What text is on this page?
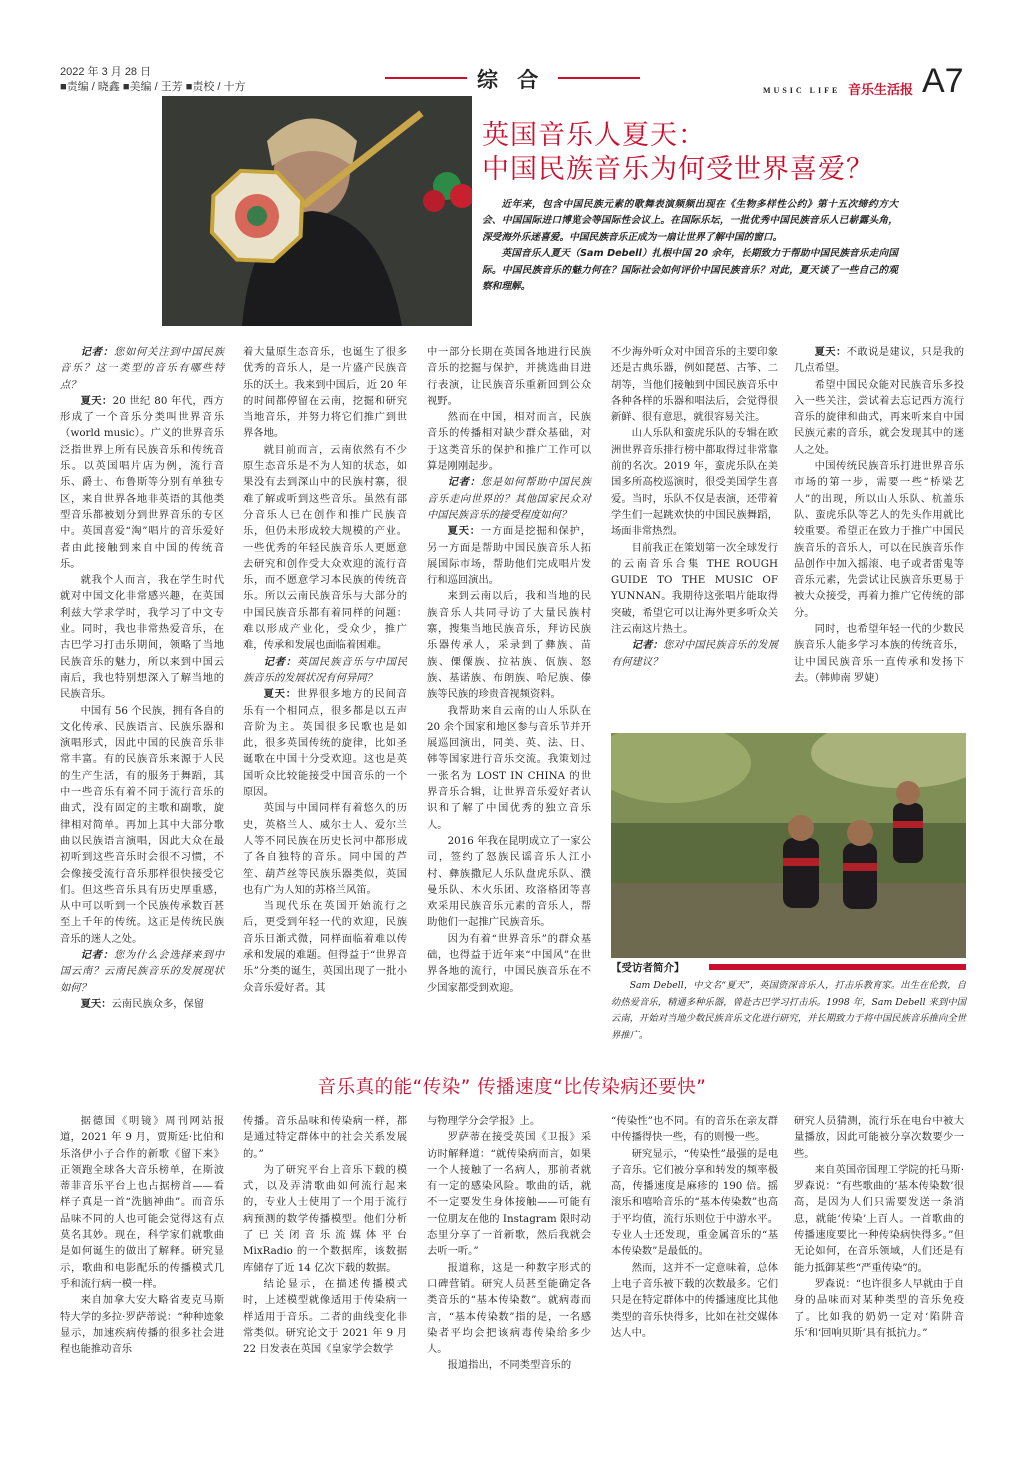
2022 年 3 月 28 日
■责编 / 晓鑫 ■美编 / 王芳 ■责校 / 十方	综 合	MUSIC LIFE 音乐生活报 A7
英国音乐人夏天：
中国民族音乐为何受世界喜爱？

近年来，包含中国民族元素的歌舞表演频频出现在《生物多样性公约》第十五次缔约方大会、中国国际进口博览会等国际性会议上。在国际乐坛，一批优秀中国民族音乐人已崭露头角，深受海外乐迷喜爱。中国民族音乐正成为一扇让世界了解中国的窗口。

英国音乐人夏天（Sam Debell）扎根中国 20 余年，长期致力于帮助中国民族音乐走向国际。中国民族音乐的魅力何在？国际社会如何评价中国民族音乐？对此，夏天谈了一些自己的观察和理解。

记者：您如何关注到中国民族音乐？这一类型的音乐有哪些特点？

夏天：20 世纪 80 年代，西方形成了一个音乐分类叫世界音乐（world music）。广义的世界音乐泛指世界上所有民族音乐和传统音乐。以英国唱片店为例，流行音乐、爵士、布鲁斯等分别有单独专区，来自世界各地非英语的其他类型音乐都被划分到世界音乐的专区中。英国喜爱“淘”唱片的音乐爱好者由此接触到来自中国的传统音乐。

就我个人而言，我在学生时代就对中国文化非常感兴趣，在英国利兹大学求学时，我学习了中文专业。同时，我也非常热爱音乐，在古巴学习打击乐期间，领略了当地民族音乐的魅力，所以来到中国云南后，我也特别想深入了解当地的民族音乐。

中国有 56 个民族，拥有各自的文化传承、民族语言、民族乐器和演唱形式，因此中国的民族音乐非常丰富。有的民族音乐来源于人民的生产生活，有的服务于舞蹈，其中一些音乐有着不同于流行音乐的曲式，没有固定的主歌和副歌，旋律相对简单。再加上其中大部分歌曲以民族语言演唱，因此大众在最初听到这些音乐时会很不习惯，不会像接受流行音乐那样很快接受它们。但这些音乐具有历史厚重感，从中可以听到一个民族传承数百甚至上千年的传统。这正是传统民族音乐的迷人之处。

记者：您为什么会选择来到中国云南？云南民族音乐的发展现状如何？

夏天：云南民族众多，保留

着大量原生态音乐，也诞生了很多优秀的音乐人，是一片盛产民族音乐的沃土。我来到中国后，近 20 年的时间都停留在云南，挖掘和研究当地音乐，并努力将它们推广到世界各地。

就目前而言，云南依然有不少原生态音乐是不为人知的状态，如果没有去到深山中的民族村寨，很难了解或听到这些音乐。虽然有部分音乐人已在创作和推广民族音乐，但仍未形成较大规模的产业。一些优秀的年轻民族音乐人更愿意去研究和创作受大众欢迎的流行音乐，而不愿意学习本民族的传统音乐。所以云南民族音乐与大部分的中国民族音乐都有着同样的问题：难以形成产业化，受众少，推广难，传承和发展也面临着困难。

记者：英国民族音乐与中国民族音乐的发展状况有何异同？

夏天：世界很多地方的民间音乐有一个相同点，很多都是以五声音阶为主。英国很多民歌也是如此，很多英国传统的旋律，比如圣诞歌在中国十分受欢迎。这也是英国听众比较能接受中国音乐的一个原因。

英国与中国同样有着悠久的历史，英格兰人、威尔士人、爱尔兰人等不同民族在历史长河中都形成了各自独特的音乐。同中国的芦笙、葫芦丝等民族乐器类似，英国也有广为人知的苏格兰风笛。

当现代乐在英国开始流行之后，更受到年轻一代的欢迎，民族音乐日渐式微，同样面临着难以传承和发展的难题。但得益于“世界音乐”分类的诞生，英国出现了一批小众音乐爱好者。其

中一部分长期在英国各地进行民族音乐的挖掘与保护，并挑选曲目进行表演，让民族音乐重新回到公众视野。

然而在中国，相对而言，民族音乐的传播相对缺少群众基础，对于这类音乐的保护和推广工作可以算是刚刚起步。

记者：您是如何帮助中国民族音乐走向世界的？其他国家民众对中国民族音乐的接受程度如何？

夏天：一方面是挖掘和保护，另一方面是帮助中国民族音乐人拓展国际市场，帮助他们完成唱片发行和巡回演出。

来到云南以后，我和当地的民族音乐人共同寻访了大量民族村寨，搜集当地民族音乐，拜访民族乐器传承人，采录到了彝族、苗族、傈僳族、拉祜族、佤族、怒族、基诺族、布朗族、哈尼族、傣族等民族的珍贵音视频资料。

我帮助来自云南的山人乐队在 20 余个国家和地区参与音乐节并开展巡回演出，同美、英、法、日、韩等国家进行音乐交流。我策划过一张名为 LOST IN CHINA 的世界音乐合辑，让世界音乐爱好者认识和了解了中国优秀的独立音乐人。

2016 年我在昆明成立了一家公司，签约了怒族民谣音乐人江小村、彝族撒尼人乐队盘虎乐队、濮曼乐队、木火乐团、玫洛格团等喜欢采用民族音乐元素的音乐人，帮助他们一起推广民族音乐。

因为有着“世界音乐”的群众基础，也得益于近年来“中国风”在世界各地的流行，中国民族音乐在不少国家都受到欢迎。

不少海外听众对中国音乐的主要印象还是古典乐器，例如琵琶、古筝、二胡等，当他们接触到中国民族音乐中各种各样的乐器和唱法后，会觉得很新鲜、很有意思，就很容易关注。

山人乐队和蛮虎乐队的专辑在欧洲世界音乐排行榜中都取得过非常靠前的名次。2019 年，蛮虎乐队在美国多所高校巡演时，很受美国学生喜爱。当时，乐队不仅是表演，还带着学生们一起跳欢快的中国民族舞蹈，场面非常热烈。

目前我正在策划第一次全球发行的云南音乐合集 THE ROUGH GUIDE TO THE MUSIC OF YUNNAN。我期待这张唱片能取得突破，希望它可以让海外更多听众关注云南这片热土。

记者：您对中国民族音乐的发展有何建议？

夏天：不敢说是建议，只是我的几点希望。

希望中国民众能对民族音乐多投入一些关注，尝试着去忘记西方流行音乐的旋律和曲式，再来听来自中国民族元素的音乐，就会发现其中的迷人之处。

中国传统民族音乐打进世界音乐市场的第一步，需要一些“桥梁艺人”的出现，所以山人乐队、杭盖乐队、蛮虎乐队等艺人的先头作用就比较重要。希望正在致力于推广中国民族音乐的音乐人，可以在民族音乐作品创作中加入摇滚、电子或者雷鬼等音乐元素，先尝试让民族音乐更易于被大众接受，再着力推广它传统的部分。

同时，也希望年轻一代的少数民族音乐人能多学习本族的传统音乐，让中国民族音乐一直传承和发扬下去。（韩帅南 罗婕）

【受访者简介】

Sam Debell，中文名“夏天”，英国资深音乐人，打击乐教育家。出生在伦敦，自幼热爱音乐，精通多种乐器，曾赴古巴学习打击乐。1998 年，Sam Debell 来到中国云南，开始对当地少数民族音乐文化进行研究，并长期致力于将中国民族音乐推向全世界推广。

音乐真的能“传染” 传播速度“比传染病还要快”

据德国《明镜》周刊网站报道，2021 年 9 月，贾斯廷·比伯和乐洛伊小子合作的新歌《留下来》正领跑全球各大音乐榜单，在斯波蒂菲音乐平台上也占据榜首——看样子真是一首“洗脑神曲”。而音乐品味不同的人也可能会觉得这有点莫名其妙。现在，科学家们就歌曲是如何诞生的做出了解释。研究显示，歌曲和电影配乐的传播模式几乎和流行病一模一样。

来自加拿大安大略省麦克马斯特大学的多拉·罗萨蒂说：“种种迹象显示，加速疾病传播的很多社会进程也能推动音乐

传播。音乐品味和传染病一样，都是通过特定群体中的社会关系发展的。”

为了研究平台上音乐下载的模式，以及弄清歌曲如何流行起来的，专业人士使用了一个用于流行病预测的数学传播模型。他们分析了已关闭音乐流媒体平台 MixRadio 的一个数据库，该数据库储存了近 14 亿次下载的数据。

结论显示，在描述传播模式时，上述模型就像适用于传染病一样适用于音乐。二者的曲线变化非常类似。研究论文于 2021 年 9 月 22 日发表在英国《皇家学会数学

与物理学分会学报》上。

罗萨蒂在接受英国《卫报》采访时解释道：“就传染病而言，如果一个人接触了一名病人，那前者就有一定的感染风险。歌曲的话，就不一定要发生身体接触——可能有一位朋友在他的 Instagram 限时动态里分享了一首新歌，然后我就会去听一听。”

报道称，这是一种数字形式的口碑营销。研究人员甚至能确定各类音乐的“基本传染数”。就病毒而言，“基本传染数”指的是，一名感染者平均会把该病毒传染给多少人。

报道指出，不同类型音乐的

“传染性”也不同。有的音乐在亲友群中传播得快一些，有的则慢一些。

研究显示，“传染性”最强的是电子音乐。它们被分享和转发的频率极高，传播速度是麻疹的 190 倍。摇滚乐和嘻哈音乐的“基本传染数”也高于平均值，流行乐则位于中游水平。专业人士还发现，重金属音乐的“基本传染数”是最低的。

然而，这并不一定意味着，总体上电子音乐被下载的次数最多。它们只是在特定群体中的传播速度比其他类型的音乐快得多，比如在社交媒体达人中。

研究人员猜测，流行乐在电台中被大量播放，因此可能被分享次数要少一些。

来自英国帝国理工学院的托马斯·罗森说：“有些歌曲的‘基本传染数’很高，是因为人们只需要发送一条消息，就能‘传染’上百人。一首歌曲的传播速度要比一种传染病快得多。”但无论如何，在音乐领域，人们还是有能力抵御某些“严重传染”的。

罗森说：“也许很多人早就由于自身的品味而对某种类型的音乐免疫了。比如我的奶奶一定对‘陷阱音乐’和‘回响贝斯’具有抵抗力。”
